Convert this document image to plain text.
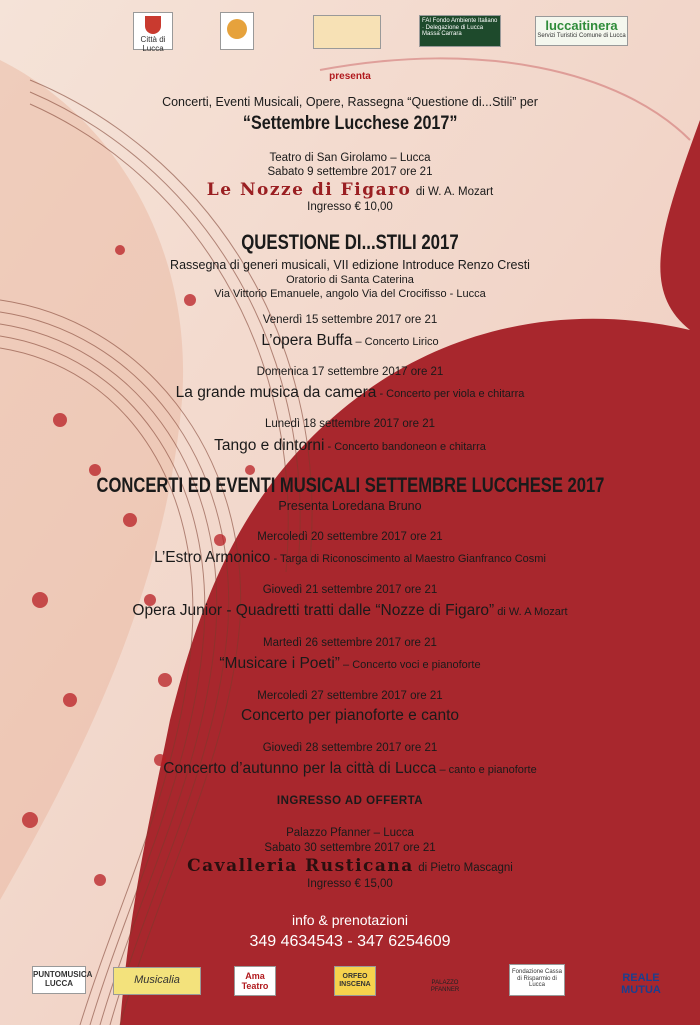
Città di Lucca
FAI Fondo Ambiente Italiano · Delegazione di Lucca Massa Carrara
luccaitinera
Servizi Turistici Comune di Lucca
presenta
Concerti, Eventi Musicali, Opere, Rassegna “Questione di...Stili” per
“Settembre Lucchese 2017”
Teatro di San Girolamo – Lucca
Sabato 9 settembre 2017 ore 21
Le Nozze di Figaro di W. A. Mozart
Ingresso € 10,00
QUESTIONE DI...STILI 2017
Rassegna di generi musicali, VII edizione Introduce Renzo Cresti
Oratorio di Santa Caterina
Via Vittorio Emanuele, angolo Via del Crocifisso - Lucca
Venerdì 15 settembre 2017 ore 21
L’opera Buffa – Concerto Lirico
Domenica 17 settembre 2017 ore 21
La grande musica da camera - Concerto per viola e chitarra
Lunedì 18 settembre 2017 ore 21
Tango e dintorni - Concerto bandoneon e chitarra
CONCERTI ED EVENTI MUSICALI SETTEMBRE LUCCHESE 2017
Presenta Loredana Bruno
Mercoledì 20 settembre 2017 ore 21
L’Estro Armonico - Targa di Riconoscimento al Maestro Gianfranco Cosmi
Giovedì 21 settembre 2017 ore 21
Opera Junior - Quadretti tratti dalle “Nozze di Figaro” di W. A Mozart
Martedì 26 settembre 2017 ore 21
“Musicare i Poeti” – Concerto voci e pianoforte
Mercoledì 27 settembre 2017 ore 21
Concerto per pianoforte e canto
Giovedì 28 settembre 2017 ore 21
Concerto d’autunno per la città di Lucca – canto e pianoforte
INGRESSO AD OFFERTA
Palazzo Pfanner – Lucca
Sabato 30 settembre 2017 ore 21
Cavalleria Rusticana di Pietro Mascagni
Ingresso € 15,00
info & prenotazioni
349 4634543 - 347 6254609
PUNTOMUSICA LUCCA	Musicalia	Ama Teatro
ORFEO INSCENA	PALAZZO PFANNER
Fondazione Cassa di Risparmio di Lucca
REALE MUTUA
